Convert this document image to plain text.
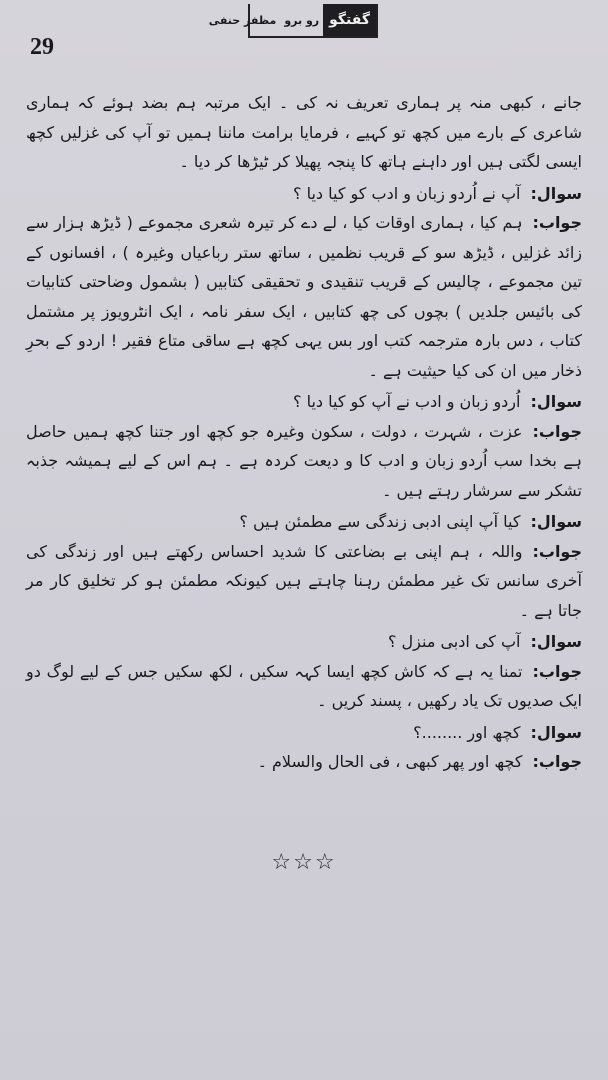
گفتگو
رو برو
مظفر حنفی
29

جانے ، کبھی منہ پر ہماری تعریف نہ کی ۔ ایک مرتبہ ہم بضد ہوئے کہ ہماری شاعری کے بارے میں کچھ تو کہیے ، فرمایا برامت ماننا ہمیں تو آپ کی غزلیں کچھ ایسی لگتی ہیں اور داہنے ہاتھ کا پنجہ پھیلا کر ٹیڑھا کر دیا ۔

سوال:آپ نے اُردو زبان و ادب کو کیا دیا ؟

جواب:ہم کیا ، ہماری اوقات کیا ، لے دے کر تیرہ شعری مجموعے ( ڈیڑھ ہزار سے زائد غزلیں ، ڈیڑھ سو کے قریب نظمیں ، ساتھ ستر رباعیاں وغیرہ ) ، افسانوں کے تین مجموعے ، چالیس کے قریب تنقیدی و تحقیقی کتابیں ( بشمول وضاحتی کتابیات کی بائیس جلدیں ) بچوں کی چھ کتابیں ، ایک سفر نامہ ، ایک انٹرویوز پر مشتمل کتاب ، دس بارہ مترجمہ کتب اور بس یہی کچھ ہے ساقی متاع فقیر ! اردو کے بحرِ ذخار میں ان کی کیا حیثیت ہے ۔

سوال:اُردو زبان و ادب نے آپ کو کیا دیا ؟

جواب:عزت ، شہرت ، دولت ، سکون وغیرہ جو کچھ اور جتنا کچھ ہمیں حاصل ہے بخدا سب اُردو زبان و ادب کا و دیعت کردہ ہے ۔ ہم اس کے لیے ہمیشہ جذبہ تشکر سے سرشار رہتے ہیں ۔

سوال:کیا آپ اپنی ادبی زندگی سے مطمئن ہیں ؟

جواب:واللہ ، ہم اپنی بے بضاعتی کا شدید احساس رکھتے ہیں اور زندگی کی آخری سانس تک غیر مطمئن رہنا چاہتے ہیں کیونکہ مطمئن ہو کر تخلیق کار مر جاتا ہے ۔

سوال:آپ کی ادبی منزل ؟

جواب:تمنا یہ ہے کہ کاش کچھ ایسا کہہ سکیں ، لکھ سکیں جس کے لیے لوگ دو ایک صدیوں تک یاد رکھیں ، پسند کریں ۔

سوال:کچھ اور ........؟

جواب:کچھ اور پھر کبھی ، فی الحال والسلام ۔

☆☆☆
